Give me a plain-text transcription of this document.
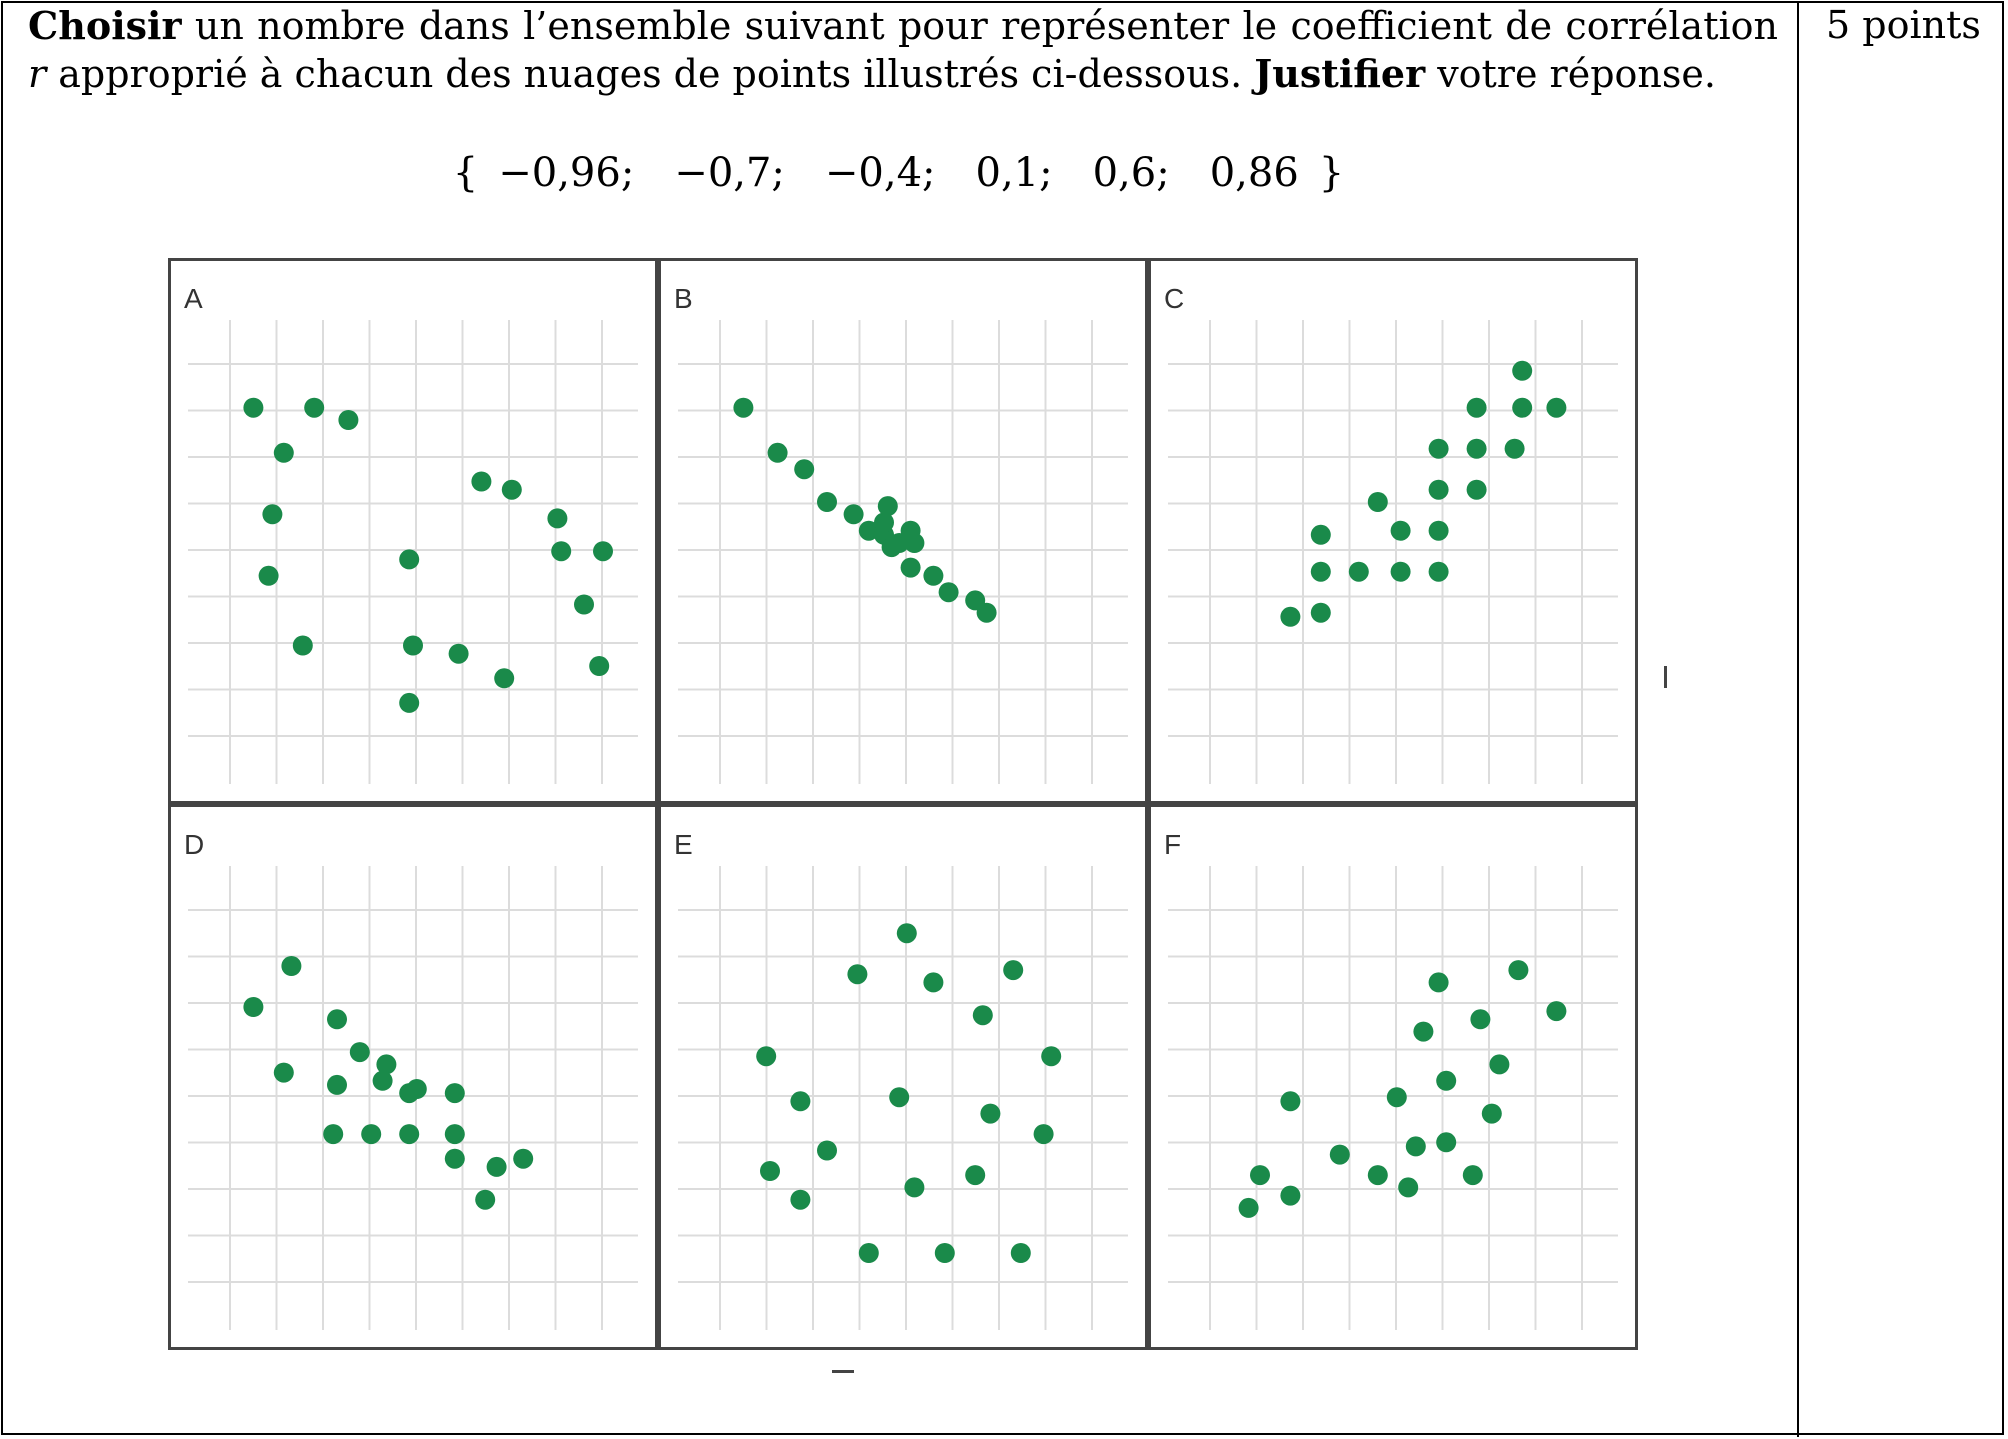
5 points
Choisir un nombre dans l’ensemble suivant pour représenter le coefficient de corrélation r approprié à chacun des nuages de points illustrés ci-dessous. Justifier votre réponse.
{ −0,96; −0,7; −0,4; 0,1; 0,6; 0,86 }
A	B	C
D	E	F
